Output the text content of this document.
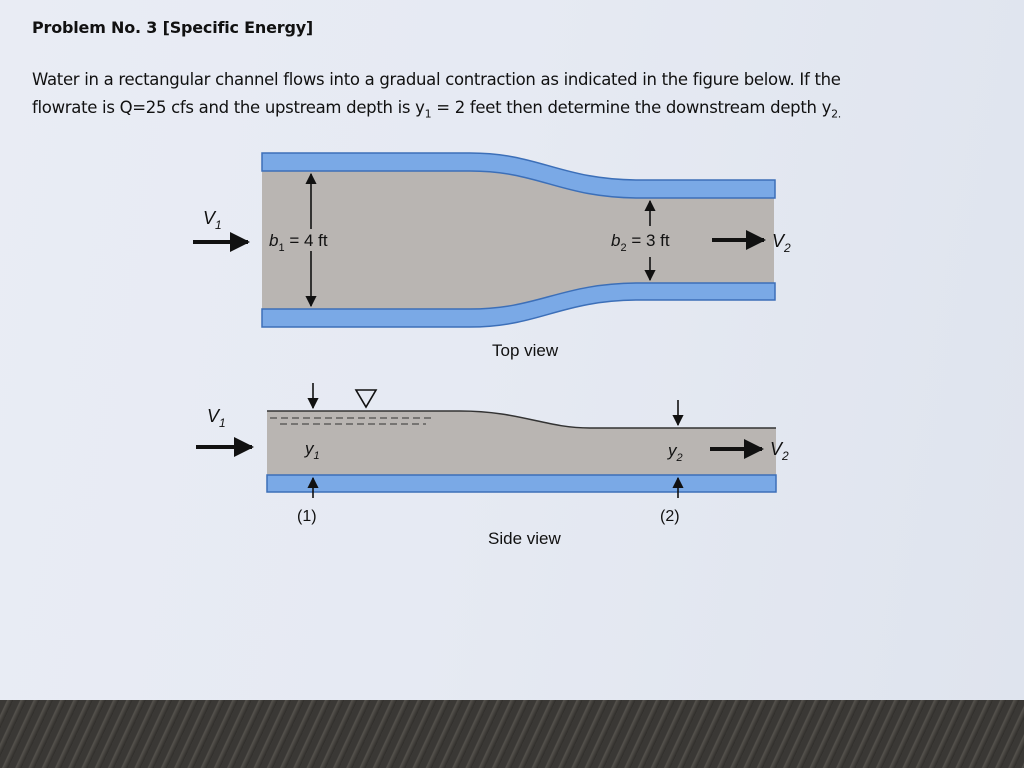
Problem No. 3 [Specific Energy]

Water in a rectangular channel flows into a gradual contraction as indicated in the figure below. If the
flowrate is Q=25 cfs and the upstream depth is $y_1 = 2$ feet then determine the downstream depth $y_{2.}$

$V_1$
$b_1 = 4$ ft	$b_2 = 3$ ft	$V_2$
Top view
$V_1$
$y_1$	$y_2$	$V_2$
(1)	(2)
Side view
